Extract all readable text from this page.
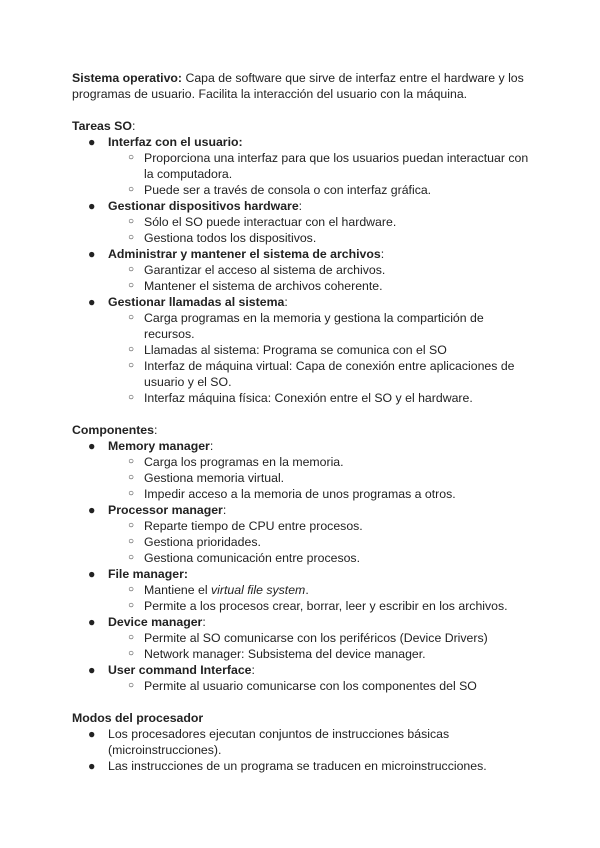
Sistema operativo: Capa de software que sirve de interfaz entre el hardware y los programas de usuario. Facilita la interacción del usuario con la máquina.

Tareas SO:
● Interfaz con el usuario:
○ Proporciona una interfaz para que los usuarios puedan interactuar con la computadora.
○ Puede ser a través de consola o con interfaz gráfica.
● Gestionar dispositivos hardware:
○ Sólo el SO puede interactuar con el hardware.
○ Gestiona todos los dispositivos.
● Administrar y mantener el sistema de archivos:
○ Garantizar el acceso al sistema de archivos.
○ Mantener el sistema de archivos coherente.
● Gestionar llamadas al sistema:
○ Carga programas en la memoria y gestiona la compartición de recursos.
○ Llamadas al sistema: Programa se comunica con el SO
○ Interfaz de máquina virtual: Capa de conexión entre aplicaciones de usuario y el SO.
○ Interfaz máquina física: Conexión entre el SO y el hardware.
Componentes:
● Memory manager:
○ Carga los programas en la memoria.
○ Gestiona memoria virtual.
○ Impedir acceso a la memoria de unos programas a otros.
● Processor manager:
○ Reparte tiempo de CPU entre procesos.
○ Gestiona prioridades.
○ Gestiona comunicación entre procesos.
● File manager:
○ Mantiene el virtual file system.
○ Permite a los procesos crear, borrar, leer y escribir en los archivos.
● Device manager:
○ Permite al SO comunicarse con los periféricos (Device Drivers)
○ Network manager: Subsistema del device manager.
● User command Interface:
○ Permite al usuario comunicarse con los componentes del SO
Modos del procesador
● Los procesadores ejecutan conjuntos de instrucciones básicas (microinstrucciones).
● Las instrucciones de un programa se traducen en microinstrucciones.
